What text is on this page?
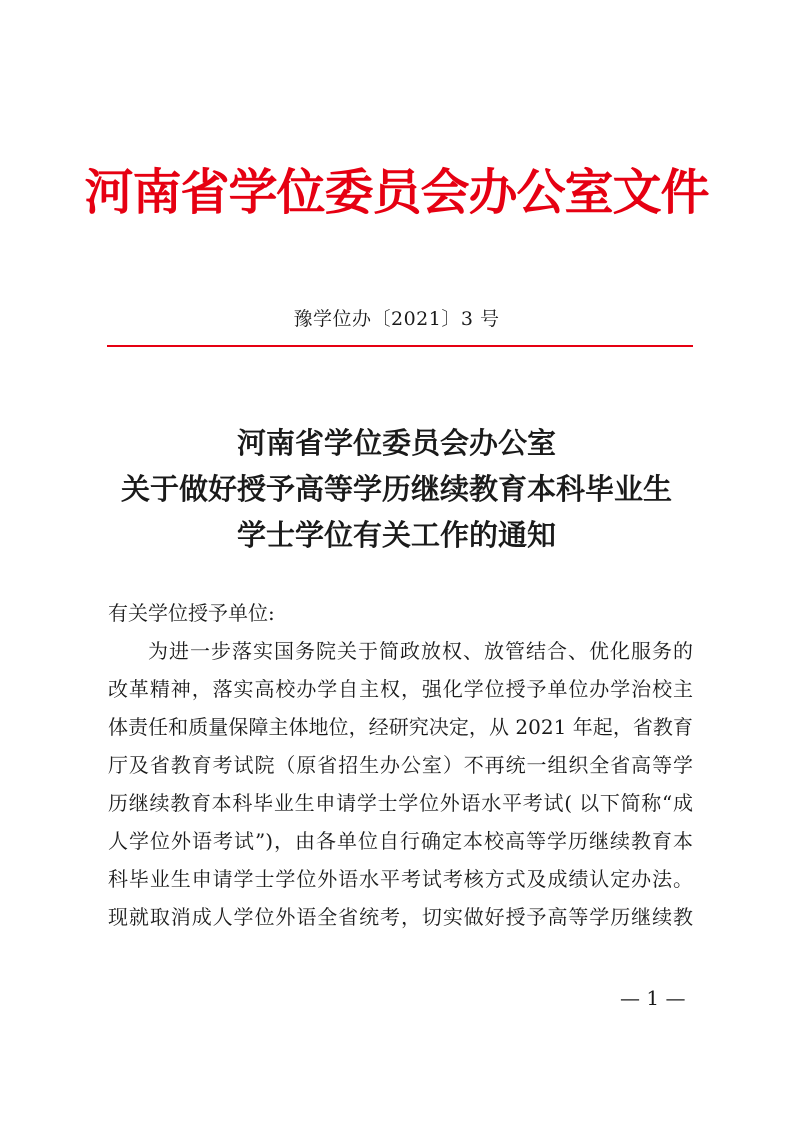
河南省学位委员会办公室文件
豫学位办〔2021〕3 号
河南省学位委员会办公室
关于做好授予高等学历继续教育本科毕业生
学士学位有关工作的通知
有关学位授予单位:
为进一步落实国务院关于简政放权、放管结合、优化服务的
改革精神，落实高校办学自主权，强化学位授予单位办学治校主
体责任和质量保障主体地位，经研究决定，从 2021 年起，省教育
厅及省教育考试院（原省招生办公室）不再统一组织全省高等学
历继续教育本科毕业生申请学士学位外语水平考试( 以下简称“成
人学位外语考试”)，由各单位自行确定本校高等学历继续教育本
科毕业生申请学士学位外语水平考试考核方式及成绩认定办法。
现就取消成人学位外语全省统考，切实做好授予高等学历继续教
— 1 —
